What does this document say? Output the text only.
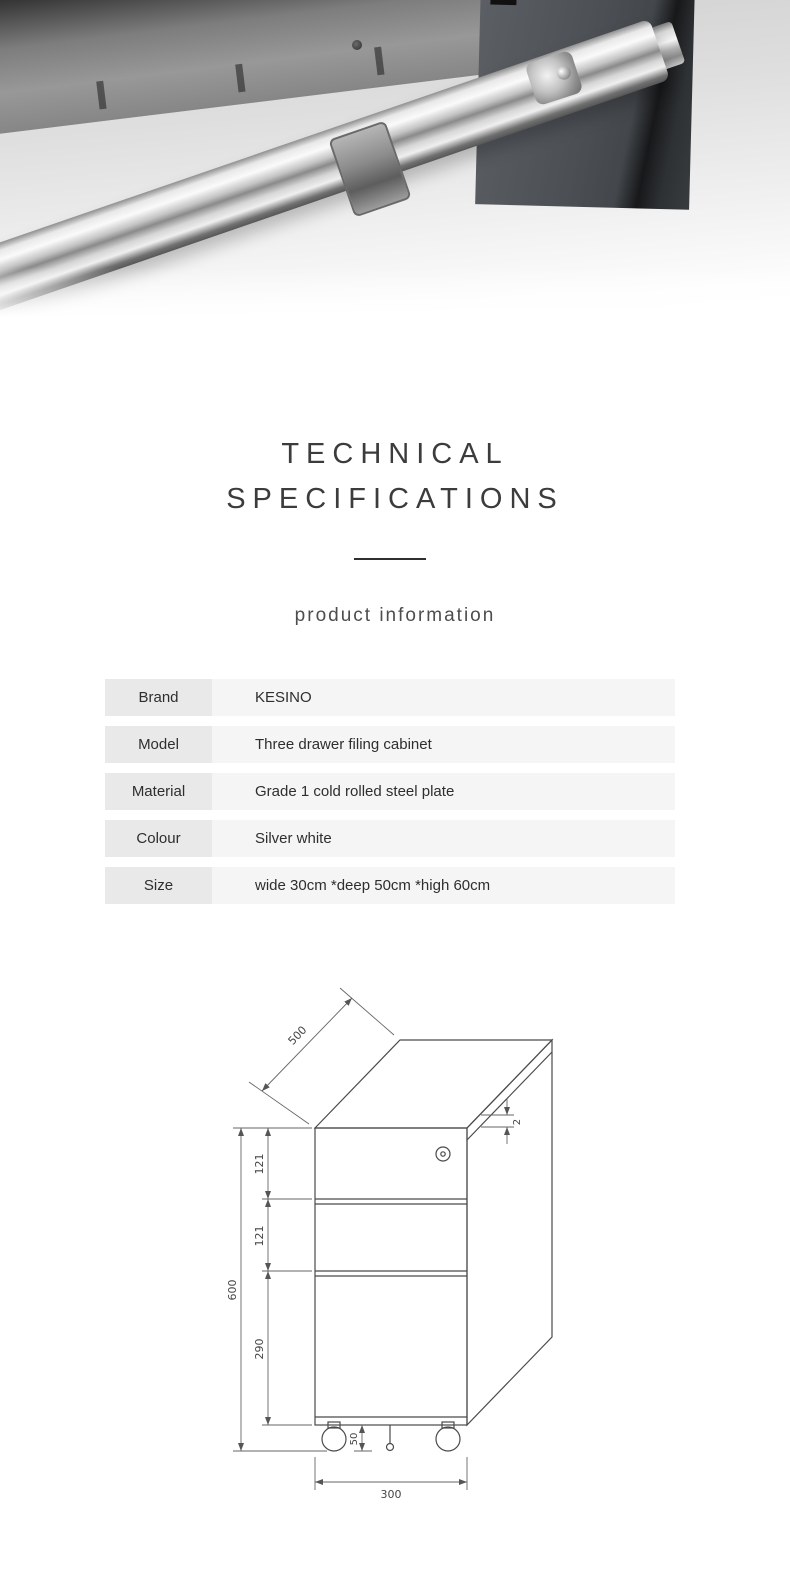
TECHNICAL
SPECIFICATIONS
product information
Brand	KESINO
Model	Three drawer filing cabinet
Material	Grade 1 cold rolled steel plate
Colour	Silver white
Size	wide 30cm *deep 50cm *high 60cm
600
121
121
290
50
300
500
2
